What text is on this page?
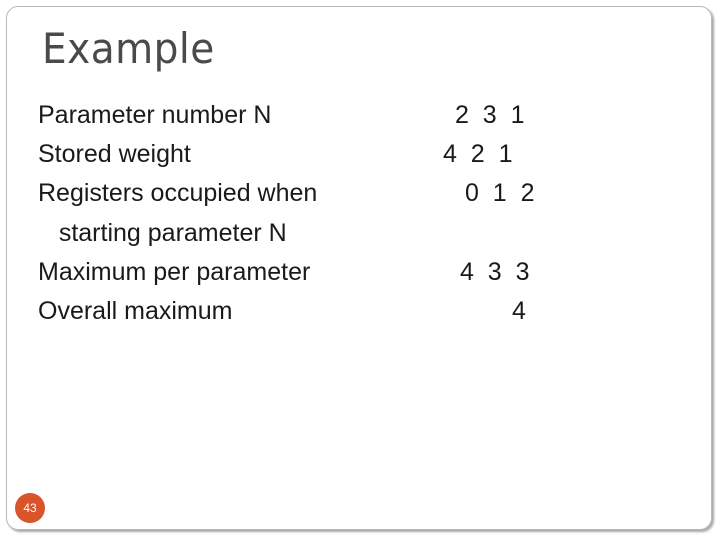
Example
Parameter number N	2  3  1
Stored weight	4  2  1
Registers occupied when	0  1  2
starting parameter N
Maximum per parameter	4  3  3
Overall maximum	4
43
